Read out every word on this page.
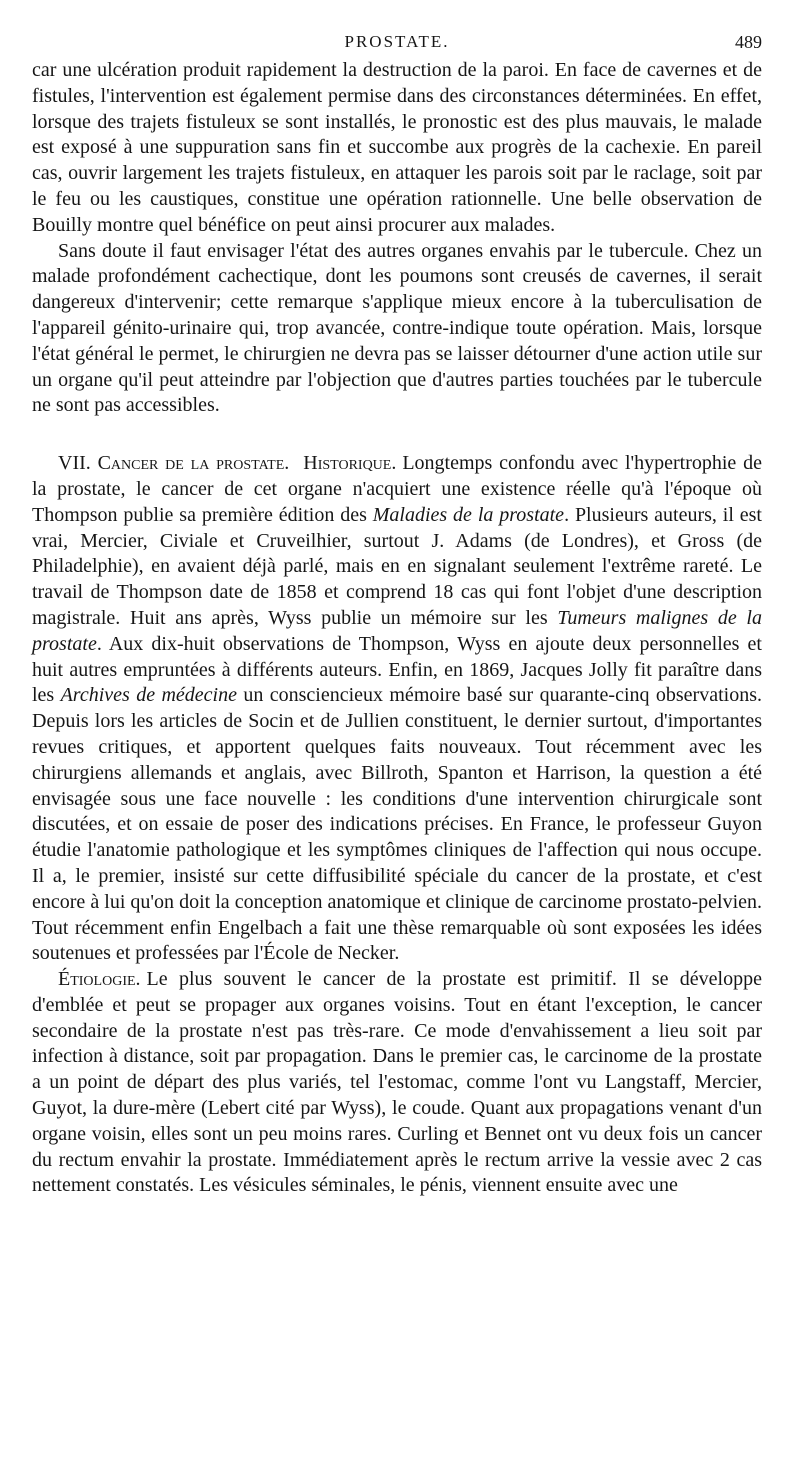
PROSTATE.	489

car une ulcération produit rapidement la destruction de la paroi. En face de cavernes et de fistules, l'intervention est également permise dans des circonstances déterminées. En effet, lorsque des trajets fistuleux se sont installés, le pronostic est des plus mauvais, le malade est exposé à une suppuration sans fin et succombe aux progrès de la cachexie. En pareil cas, ouvrir largement les trajets fistuleux, en attaquer les parois soit par le raclage, soit par le feu ou les caustiques, constitue une opération rationnelle. Une belle observation de Bouilly montre quel bénéfice on peut ainsi procurer aux malades.

Sans doute il faut envisager l'état des autres organes envahis par le tubercule. Chez un malade profondément cachectique, dont les poumons sont creusés de cavernes, il serait dangereux d'intervenir; cette remarque s'applique mieux encore à la tuberculisation de l'appareil génito-urinaire qui, trop avancée, contre-indique toute opération. Mais, lorsque l'état général le permet, le chirurgien ne devra pas se laisser détourner d'une action utile sur un organe qu'il peut atteindre par l'objection que d'autres parties touchées par le tubercule ne sont pas accessibles.

VII. Cancer de la prostate. Historique. Longtemps confondu avec l'hypertrophie de la prostate, le cancer de cet organe n'acquiert une existence réelle qu'à l'époque où Thompson publie sa première édition des Maladies de la prostate. Plusieurs auteurs, il est vrai, Mercier, Civiale et Cruveilhier, surtout J. Adams (de Londres), et Gross (de Philadelphie), en avaient déjà parlé, mais en en signalant seulement l'extrême rareté. Le travail de Thompson date de 1858 et comprend 18 cas qui font l'objet d'une description magistrale. Huit ans après, Wyss publie un mémoire sur les Tumeurs malignes de la prostate. Aux dix-huit observations de Thompson, Wyss en ajoute deux personnelles et huit autres empruntées à différents auteurs. Enfin, en 1869, Jacques Jolly fit paraître dans les Archives de médecine un consciencieux mémoire basé sur quarante-cinq observations. Depuis lors les articles de Socin et de Jullien constituent, le dernier surtout, d'importantes revues critiques, et apportent quelques faits nouveaux. Tout récemment avec les chirurgiens allemands et anglais, avec Billroth, Spanton et Harrison, la question a été envisagée sous une face nouvelle : les conditions d'une intervention chirurgicale sont discutées, et on essaie de poser des indications précises. En France, le professeur Guyon étudie l'anatomie pathologique et les symptômes cliniques de l'affection qui nous occupe. Il a, le premier, insisté sur cette diffusibilité spéciale du cancer de la prostate, et c'est encore à lui qu'on doit la conception anatomique et clinique de carcinome prostato-pelvien. Tout récemment enfin Engelbach a fait une thèse remarquable où sont exposées les idées soutenues et professées par l'École de Necker.

Étiologie. Le plus souvent le cancer de la prostate est primitif. Il se développe d'emblée et peut se propager aux organes voisins. Tout en étant l'exception, le cancer secondaire de la prostate n'est pas très-rare. Ce mode d'envahissement a lieu soit par infection à distance, soit par propagation. Dans le premier cas, le carcinome de la prostate a un point de départ des plus variés, tel l'estomac, comme l'ont vu Langstaff, Mercier, Guyot, la dure-mère (Lebert cité par Wyss), le coude. Quant aux propagations venant d'un organe voisin, elles sont un peu moins rares. Curling et Bennet ont vu deux fois un cancer du rectum envahir la prostate. Immédiatement après le rectum arrive la vessie avec 2 cas nettement constatés. Les vésicules séminales, le pénis, viennent ensuite avec une
